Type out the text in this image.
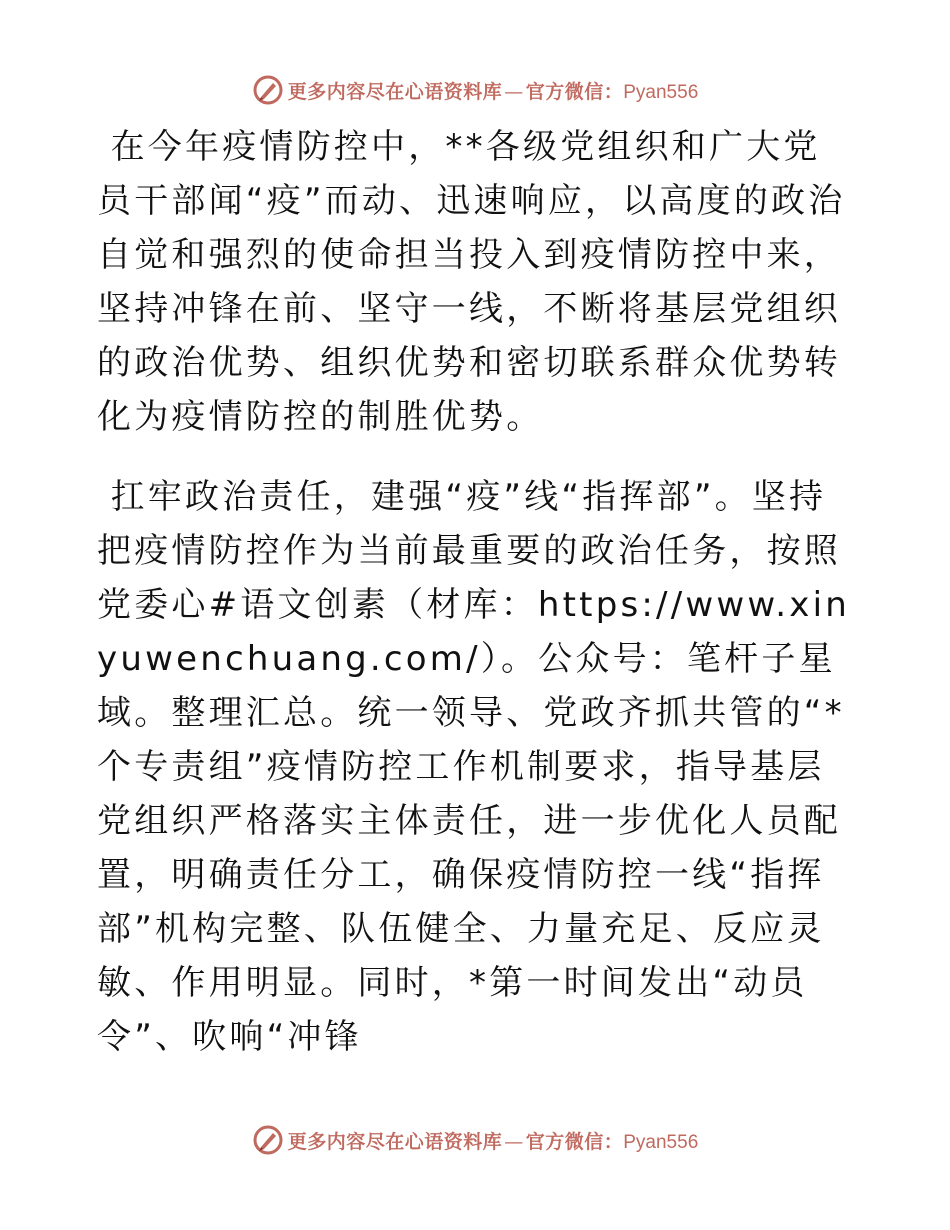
更多内容尽在心语资料库 — 官方微信：Pyan556

在今年疫情防控中，**各级党组织和广大党员干部闻“疫”而动、迅速响应，以高度的政治自觉和强烈的使命担当投入到疫情防控中来，坚持冲锋在前、坚守一线，不断将基层党组织的政治优势、组织优势和密切联系群众优势转化为疫情防控的制胜优势。

扛牢政治责任，建强“疫”线“指挥部”。坚持把疫情防控作为当前最重要的政治任务，按照党委心#语文创素（材库：https://www.xinyuwenchuang.com/）。公众号：笔杆子星域。整理汇总。统一领导、党政齐抓共管的“*个专责组”疫情防控工作机制要求，指导基层党组织严格落实主体责任，进一步优化人员配置，明确责任分工，确保疫情防控一线“指挥部”机构完整、队伍健全、力量充足、反应灵敏、作用明显。同时，*第一时间发出“动员令”、吹响“冲锋

更多内容尽在心语资料库 — 官方微信：Pyan556
